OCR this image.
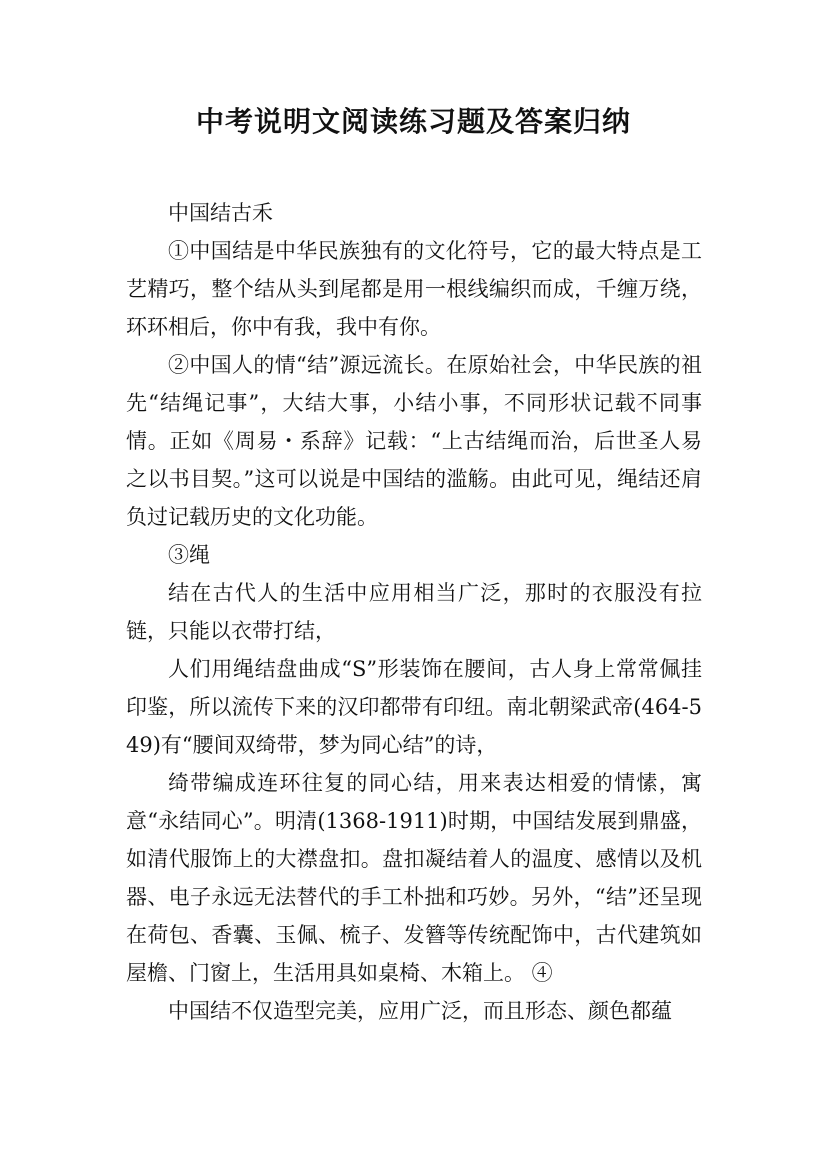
中考说明文阅读练习题及答案归纳

中国结古禾

①中国结是中华民族独有的文化符号，它的最大特点是工艺精巧，整个结从头到尾都是用一根线编织而成，千缠万绕，环环相后，你中有我，我中有你。

②中国人的情“结”源远流长。在原始社会，中华民族的祖先“结绳记事”，大结大事，小结小事，不同形状记载不同事情。正如《周易・系辞》记载：“上古结绳而治，后世圣人易之以书目契。”这可以说是中国结的滥觞。由此可见，绳结还肩负过记载历史的文化功能。

③绳

结在古代人的生活中应用相当广泛，那时的衣服没有拉链，只能以衣带打结，

人们用绳结盘曲成“S”形装饰在腰间，古人身上常常佩挂印鉴，所以流传下来的汉印都带有印纽。南北朝梁武帝(464-549)有“腰间双绮带，梦为同心结”的诗，

绮带编成连环往复的同心结，用来表达相爱的情愫，寓意“永结同心”。明清(1368-1911)时期，中国结发展到鼎盛，如清代服饰上的大襟盘扣。盘扣凝结着人的温度、感情以及机器、电子永远无法替代的手工朴拙和巧妙。另外，“结”还呈现在荷包、香囊、玉佩、梳子、发簪等传统配饰中，古代建筑如屋檐、门窗上，生活用具如桌椅、木箱上。 ④

中国结不仅造型完美，应用广泛，而且形态、颜色都蕴
